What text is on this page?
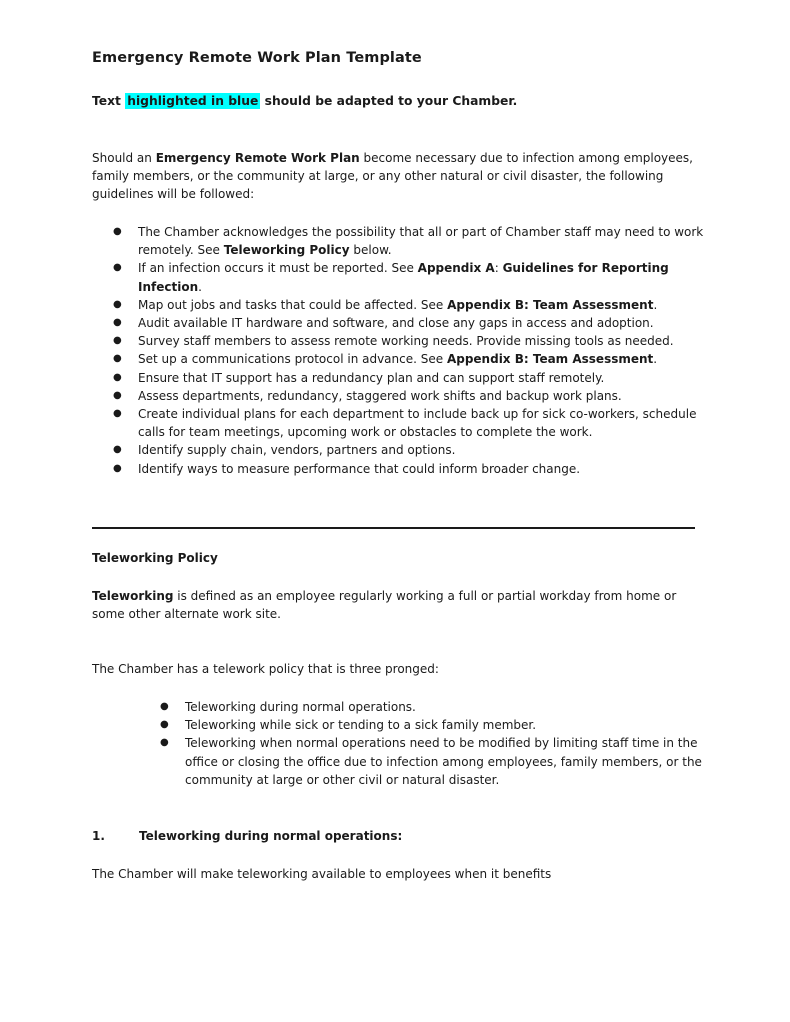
Emergency Remote Work Plan Template
Text highlighted in blue should be adapted to your Chamber.
Should an Emergency Remote Work Plan become necessary due to infection among employees, family members, or the community at large, or any other natural or civil disaster, the following guidelines will be followed:
● The Chamber acknowledges the possibility that all or part of Chamber staff may need to work remotely. See Teleworking Policy below.
● If an infection occurs it must be reported. See Appendix A: Guidelines for Reporting Infection.
● Map out jobs and tasks that could be affected. See Appendix B: Team Assessment.
● Audit available IT hardware and software, and close any gaps in access and adoption.
● Survey staff members to assess remote working needs. Provide missing tools as needed.
● Set up a communications protocol in advance. See Appendix B: Team Assessment.
● Ensure that IT support has a redundancy plan and can support staff remotely.
● Assess departments, redundancy, staggered work shifts and backup work plans.
● Create individual plans for each department to include back up for sick co-workers, schedule calls for team meetings, upcoming work or obstacles to complete the work.
● Identify supply chain, vendors, partners and options.
● Identify ways to measure performance that could inform broader change.
Teleworking Policy
Teleworking is defined as an employee regularly working a full or partial workday from home or some other alternate work site.
The Chamber has a telework policy that is three pronged:
● Teleworking during normal operations.
● Teleworking while sick or tending to a sick family member.
● Teleworking when normal operations need to be modified by limiting staff time in the office or closing the office due to infection among employees, family members, or the community at large or other civil or natural disaster.
1.	Teleworking during normal operations:
The Chamber will make teleworking available to employees when it benefits
